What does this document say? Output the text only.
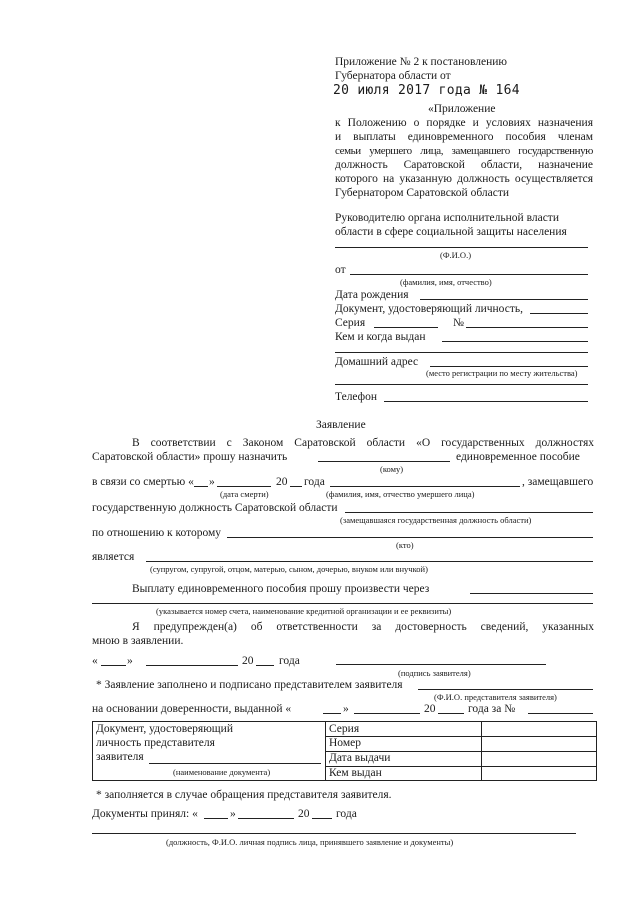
Приложение № 2 к постановлению
Губернатора области от
20 июля 2017 года № 164
«Приложение
к Положению о порядке и условиях назначения
и выплаты единовременного пособия членам
семьи умершего лица, замещавшего государственную
должность Саратовской области, назначение
которого на указанную должность осуществляется
Губернатором Саратовской области
Руководителю органа исполнительной власти
области в сфере социальной защиты населения
(Ф.И.О.)
от
(фамилия, имя, отчество)
Дата рождения
Документ, удостоверяющий личность,
Серия	№
Кем и когда выдан
Домашний адрес
(место регистрации по месту жительства)
Телефон
Заявление
В соответствии с Законом Саратовской области «О государственных должностях
Саратовской области» прошу назначить	единовременное пособие
(кому)
в связи со смертью « »	20 года	, замещавшего
(дата смерти)	(фамилия, имя, отчество умершего лица)
государственную должность Саратовской области
(замещавшаяся государственная должность области)
по отношению к которому
(кто)
является
(супругом, супругой, отцом, матерью, сыном, дочерью, внуком или внучкой)
Выплату единовременного пособия прошу произвести через
(указывается номер счета, наименование кредитной организации и ее реквизиты)
Я предупрежден(а) об ответственности за достоверность сведений, указанных
мною в заявлении.
«	»	20 года
(подпись заявителя)
* Заявление заполнено и подписано представителем заявителя
(Ф.И.О. представителя заявителя)
на основании доверенности, выданной «	»	20	года за №
Документ, удостоверяющий
личность представителя
заявителя
(наименование документа)
Серия
Номер
Дата выдачи
Кем выдан
* заполняется в случае обращения представителя заявителя.
Документы принял: «	»	20 года
(должность, Ф.И.О. личная подпись лица, принявшего заявление и документы)
